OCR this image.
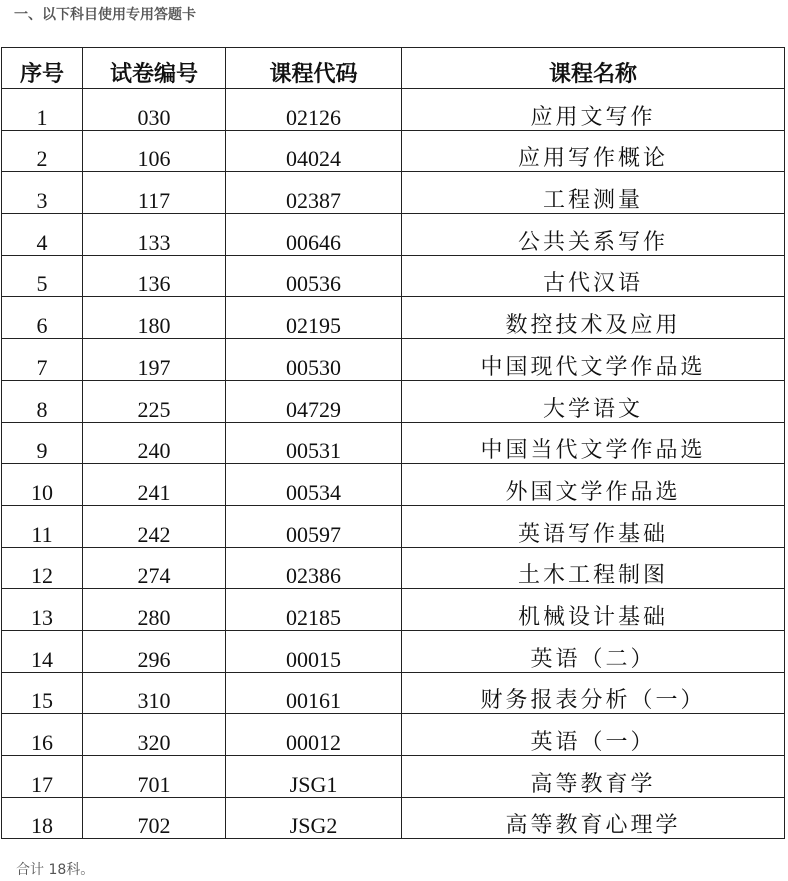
一、以下科目使用专用答题卡
序号	试卷编号	课程代码	课程名称
1	030	02126	应用文写作
2	106	04024	应用写作概论
3	117	02387	工程测量
4	133	00646	公共关系写作
5	136	00536	古代汉语
6	180	02195	数控技术及应用
7	197	00530	中国现代文学作品选
8	225	04729	大学语文
9	240	00531	中国当代文学作品选
10	241	00534	外国文学作品选
11	242	00597	英语写作基础
12	274	02386	土木工程制图
13	280	02185	机械设计基础
14	296	00015	英语（二）
15	310	00161	财务报表分析（一）
16	320	00012	英语（一）
17	701	JSG1	高等教育学
18	702	JSG2	高等教育心理学
合计 18科。
